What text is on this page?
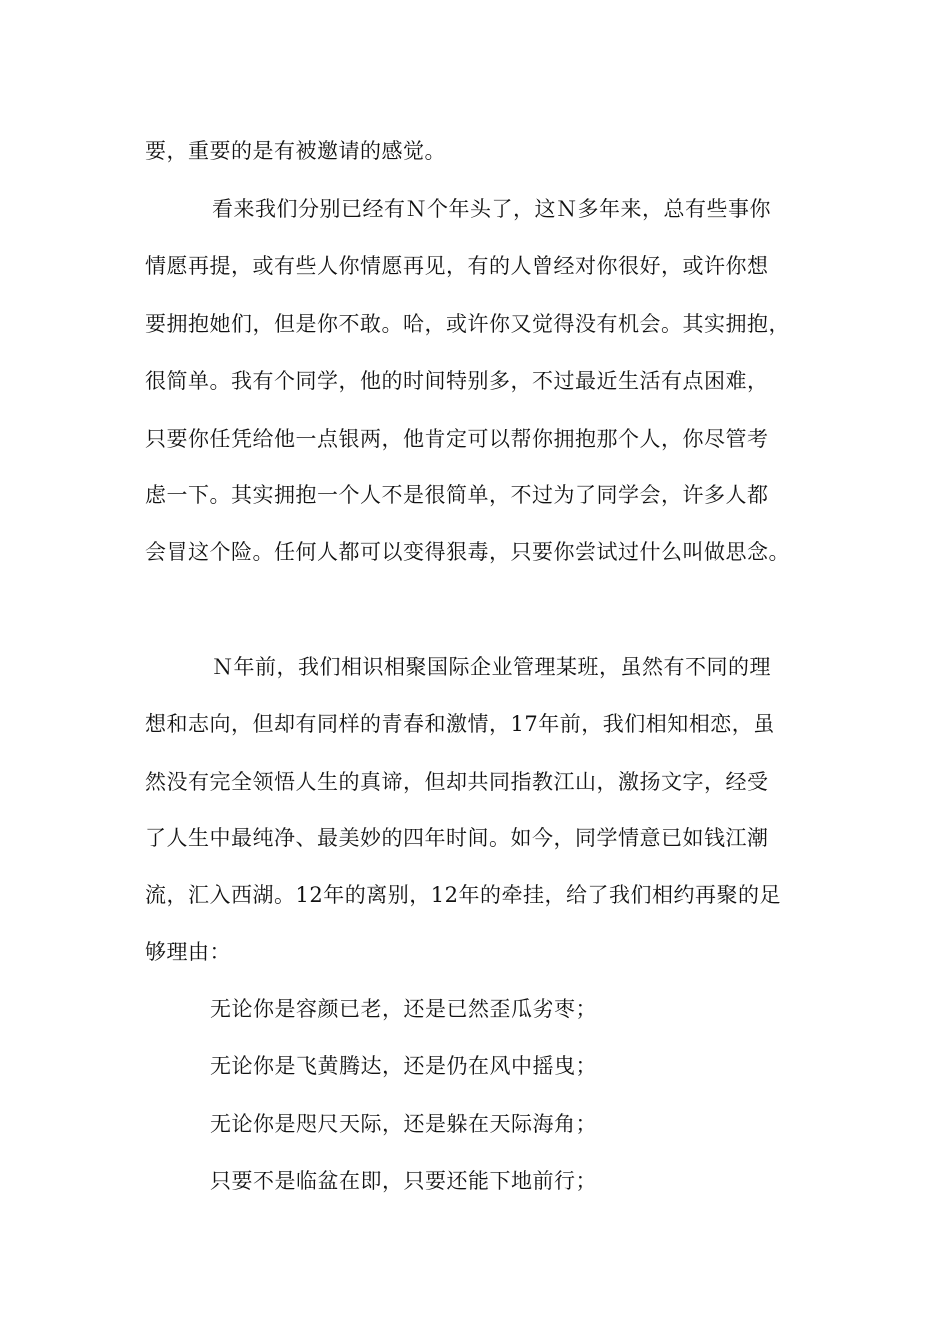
要，重要的是有被邀请的感觉。
看来我们分别已经有Ｎ个年头了，这Ｎ多年来，总有些事你
情愿再提，或有些人你情愿再见，有的人曾经对你很好，或许你想
要拥抱她们，但是你不敢。哈，或许你又觉得没有机会。其实拥抱，
很简单。我有个同学，他的时间特别多，不过最近生活有点困难，
只要你任凭给他一点银两，他肯定可以帮你拥抱那个人，你尽管考
虑一下。其实拥抱一个人不是很简单，不过为了同学会，许多人都
会冒这个险。任何人都可以变得狠毒，只要你尝试过什么叫做思念。
Ｎ年前，我们相识相聚国际企业管理某班，虽然有不同的理
想和志向，但却有同样的青春和激情，17年前，我们相知相恋，虽
然没有完全领悟人生的真谛，但却共同指教江山，激扬文字，经受
了人生中最纯净、最美妙的四年时间。如今，同学情意已如钱江潮
流，汇入西湖。12年的离别，12年的牵挂，给了我们相约再聚的足
够理由：
无论你是容颜已老，还是已然歪瓜劣枣；
无论你是飞黄腾达，还是仍在风中摇曳；
无论你是咫尺天际，还是躲在天际海角；
只要不是临盆在即，只要还能下地前行；
